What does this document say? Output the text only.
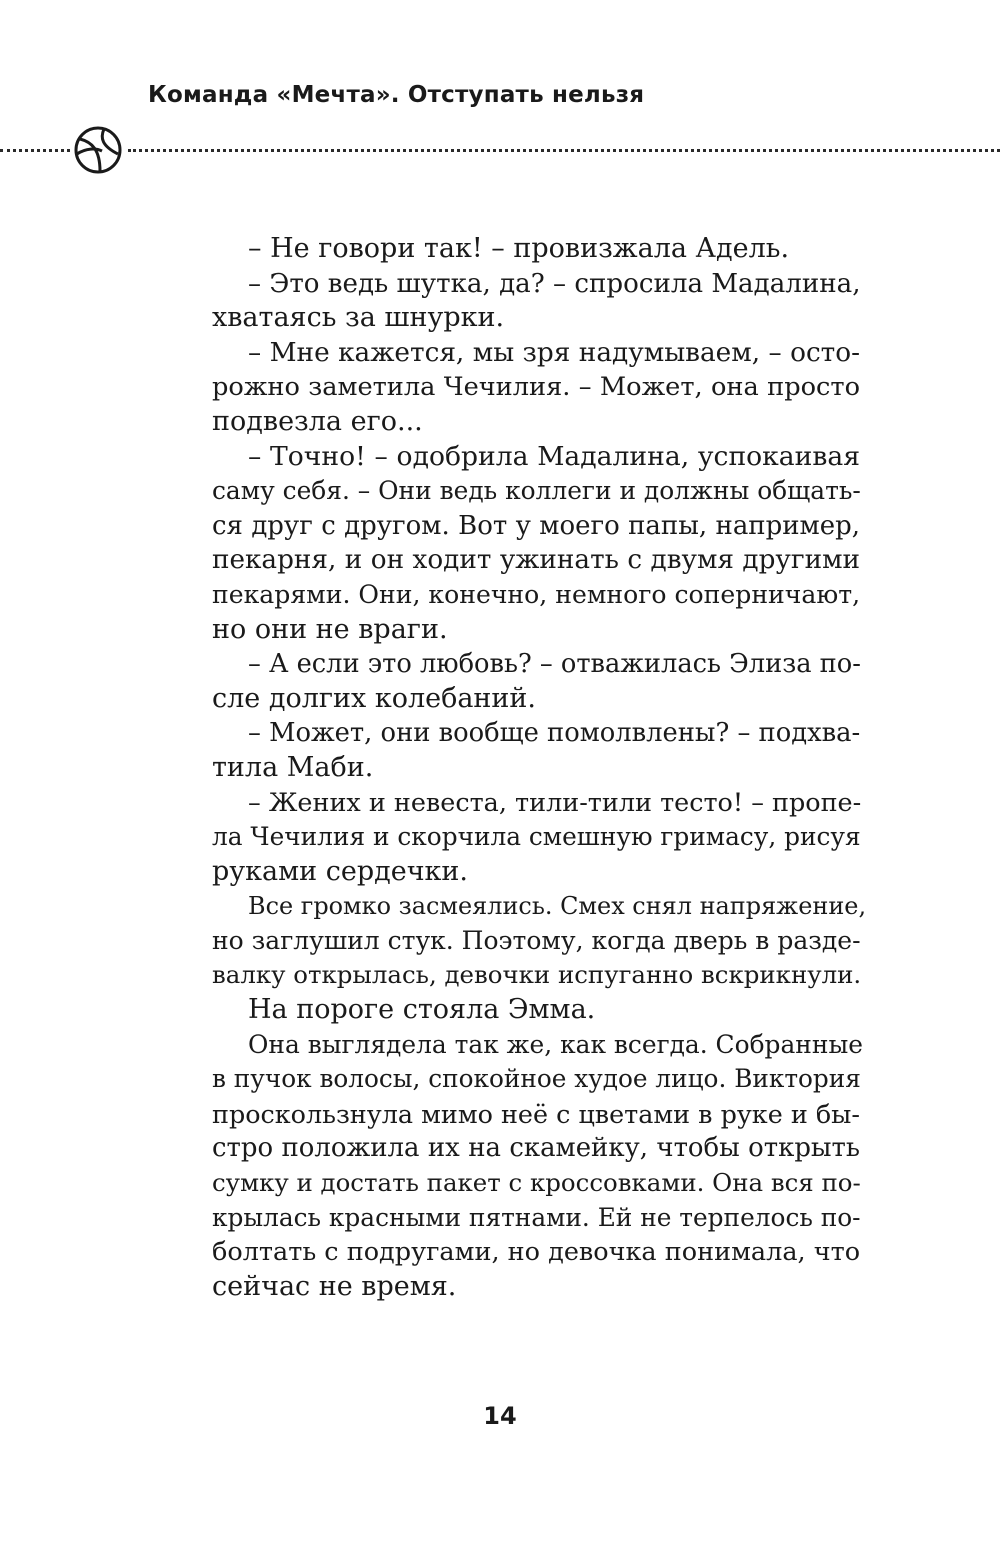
Команда «Мечта». Отступать нельзя

– Не говори так! – провизжала Адель.

– Это ведь шутка, да? – спросила Мадалина,
хватаясь за шнурки.

– Мне кажется, мы зря надумываем, – осто-
рожно заметила Чечилия. – Может, она просто
подвезла его...

– Точно! – одобрила Мадалина, успокаивая
саму себя. – Они ведь коллеги и должны общать-
ся друг с другом. Вот у моего папы, например,
пекарня, и он ходит ужинать с двумя другими
пекарями. Они, конечно, немного соперничают,
но они не враги.

– А если это любовь? – отважилась Элиза по-
сле долгих колебаний.

– Может, они вообще помолвлены? – подхва-
тила Маби.

– Жених и невеста, тили-тили тесто! – пропе-
ла Чечилия и скорчила смешную гримасу, рисуя
руками сердечки.

Все громко засмеялись. Смех снял напряжение,
но заглушил стук. Поэтому, когда дверь в разде-
валку открылась, девочки испуганно вскрикнули.

На пороге стояла Эмма.

Она выглядела так же, как всегда. Собранные
в пучок волосы, спокойное худое лицо. Виктория
проскользнула мимо неё с цветами в руке и бы-
стро положила их на скамейку, чтобы открыть
сумку и достать пакет с кроссовками. Она вся по-
крылась красными пятнами. Ей не терпелось по-
болтать с подругами, но девочка понимала, что
сейчас не время.

14
